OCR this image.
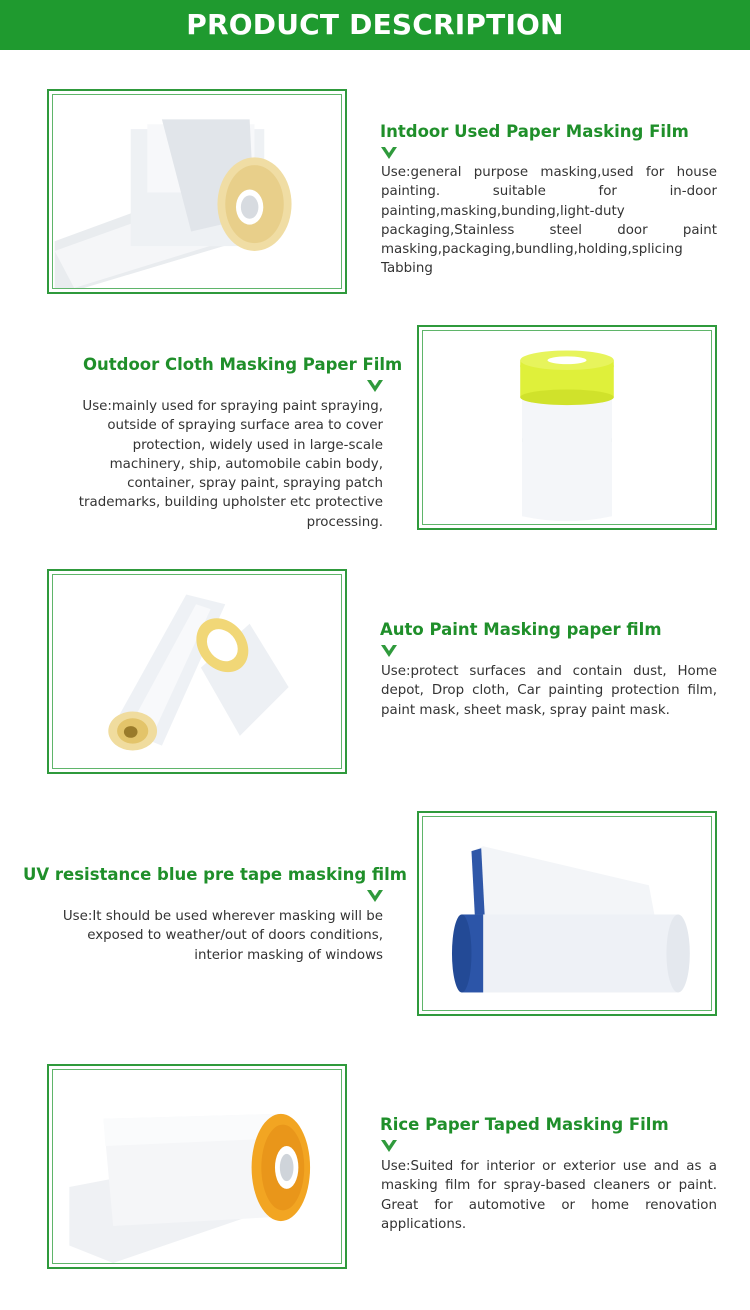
PRODUCT DESCRIPTION
Intdoor Used Paper Masking Film

Use:general purpose masking,used for house painting. suitable for in-door painting,masking,bunding,light-duty packaging,Stainless steel door paint masking,packaging,bundling,holding,splicing Tabbing

Outdoor Cloth Masking Paper Film

Use:mainly used for spraying paint spraying, outside of spraying surface area to cover protection, widely used in large-scale machinery, ship, automobile cabin body, container, spray paint, spraying patch trademarks, building upholster etc protective processing.

Auto Paint Masking paper film

Use:protect surfaces and contain dust, Home depot, Drop cloth, Car painting protection film, paint mask, sheet mask, spray paint mask.

UV resistance blue pre tape masking film

Use:It should be used wherever masking will be exposed to weather/out of doors conditions, interior masking of windows

Rice Paper Taped Masking Film

Use:Suited for interior or exterior use and as a masking film for spray-based cleaners or paint. Great for automotive or home renovation applications.
